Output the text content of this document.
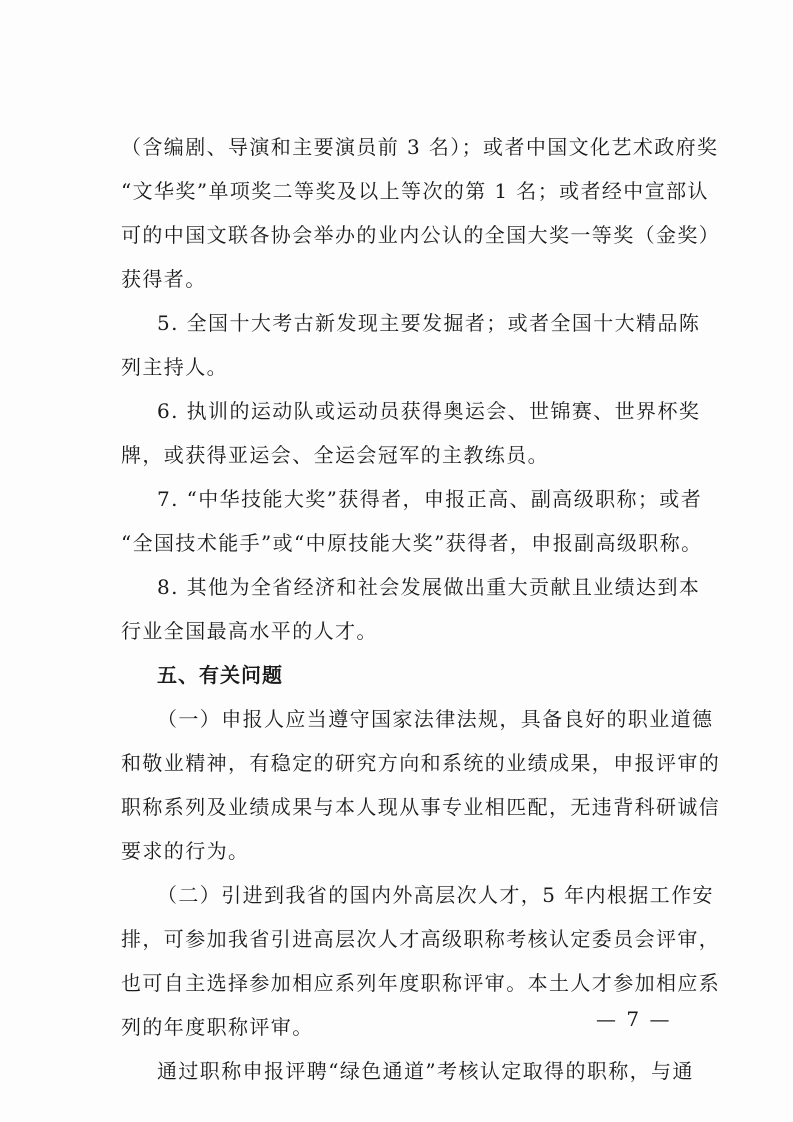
（含编剧、导演和主要演员前 3 名）；或者中国文化艺术政府奖
“文华奖”单项奖二等奖及以上等次的第 1 名；或者经中宣部认
可的中国文联各协会举办的业内公认的全国大奖一等奖（金奖）
获得者。
5. 全国十大考古新发现主要发掘者；或者全国十大精品陈
列主持人。
6. 执训的运动队或运动员获得奥运会、世锦赛、世界杯奖
牌，或获得亚运会、全运会冠军的主教练员。
7. “中华技能大奖”获得者，申报正高、副高级职称；或者
“全国技术能手”或“中原技能大奖”获得者，申报副高级职称。
8. 其他为全省经济和社会发展做出重大贡献且业绩达到本
行业全国最高水平的人才。
五、有关问题
（一）申报人应当遵守国家法律法规，具备良好的职业道德
和敬业精神，有稳定的研究方向和系统的业绩成果，申报评审的
职称系列及业绩成果与本人现从事专业相匹配，无违背科研诚信
要求的行为。
（二）引进到我省的国内外高层次人才，5 年内根据工作安
排，可参加我省引进高层次人才高级职称考核认定委员会评审，
也可自主选择参加相应系列年度职称评审。本土人才参加相应系
列的年度职称评审。
通过职称申报评聘“绿色通道”考核认定取得的职称，与通
— 7 —
